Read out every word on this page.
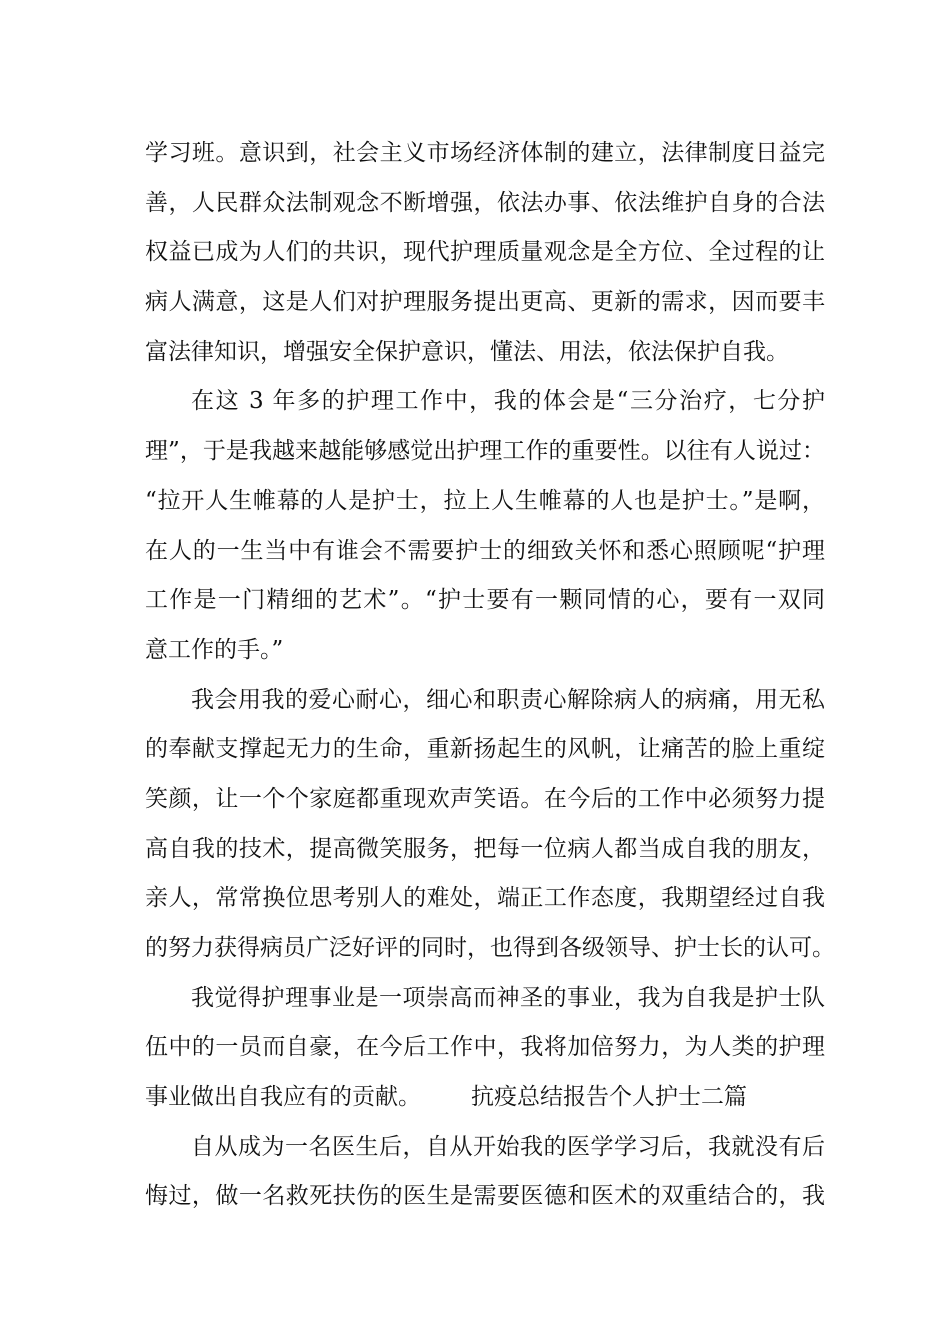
学习班。意识到，社会主义市场经济体制的建立，法律制度日益完
善，人民群众法制观念不断增强，依法办事、依法维护自身的合法
权益已成为人们的共识，现代护理质量观念是全方位、全过程的让
病人满意，这是人们对护理服务提出更高、更新的需求，因而要丰
富法律知识，增强安全保护意识，懂法、用法，依法保护自我。
在这 3 年多的护理工作中，我的体会是“三分治疗，七分护
理”，于是我越来越能够感觉出护理工作的重要性。以往有人说过：
“拉开人生帷幕的人是护士，拉上人生帷幕的人也是护士。”是啊，
在人的一生当中有谁会不需要护士的细致关怀和悉心照顾呢“护理
工作是一门精细的艺术”。“护士要有一颗同情的心，要有一双同
意工作的手。”
我会用我的爱心耐心，细心和职责心解除病人的病痛，用无私
的奉献支撑起无力的生命，重新扬起生的风帆，让痛苦的脸上重绽
笑颜，让一个个家庭都重现欢声笑语。在今后的工作中必须努力提
高自我的技术，提高微笑服务，把每一位病人都当成自我的朋友，
亲人，常常换位思考别人的难处，端正工作态度，我期望经过自我
的努力获得病员广泛好评的同时，也得到各级领导、护士长的认可。
我觉得护理事业是一项崇高而神圣的事业，我为自我是护士队
伍中的一员而自豪，在今后工作中，我将加倍努力，为人类的护理
事业做出自我应有的贡献。 抗疫总结报告个人护士二篇
自从成为一名医生后，自从开始我的医学学习后，我就没有后
悔过，做一名救死扶伤的医生是需要医德和医术的双重结合的，我
